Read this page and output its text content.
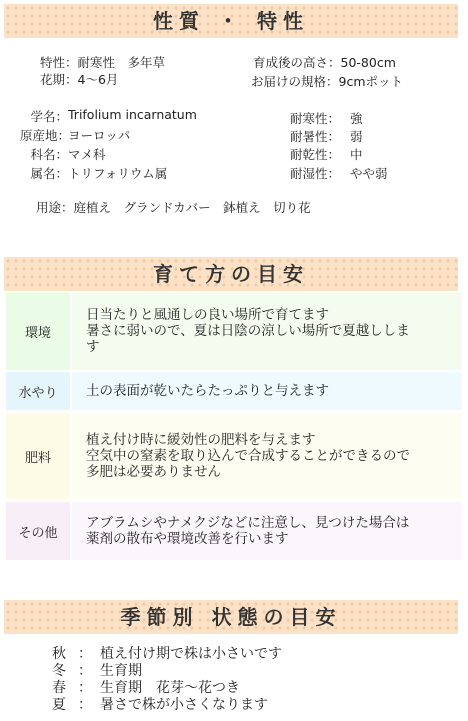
性質 ・ 特性
特性：耐寒性　多年草
花期：4～6月
育成後の高さ：50-80cm
お届けの規格：9cmポット
学名： Trifolium incarnatum
原産地：
ヨーロッパ
科名： マメ科
属名： トリフォリウム属
耐寒性： 強
耐暑性： 弱
耐乾性： 中
耐湿性： やや弱
用途：庭植え　グランドカバー　鉢植え　切り花
育て方の目安
環境
日当たりと風通しの良い場所で育てます
暑さに弱いので、夏は日陰の涼しい場所で夏越ししま
す
水やり 土の表面が乾いたらたっぷりと与えます
肥料
植え付け時に緩効性の肥料を与えます
空気中の窒素を取り込んで合成することができるので
多肥は必要ありません
その他
アブラムシやナメクジなどに注意し、見つけた場合は
薬剤の散布や環境改善を行います
季節別 状態の目安
秋 ： 植え付け期で株は小さいです
冬 ： 生育期
春 ： 生育期　花芽～花つき
夏 ： 暑さで株が小さくなります
